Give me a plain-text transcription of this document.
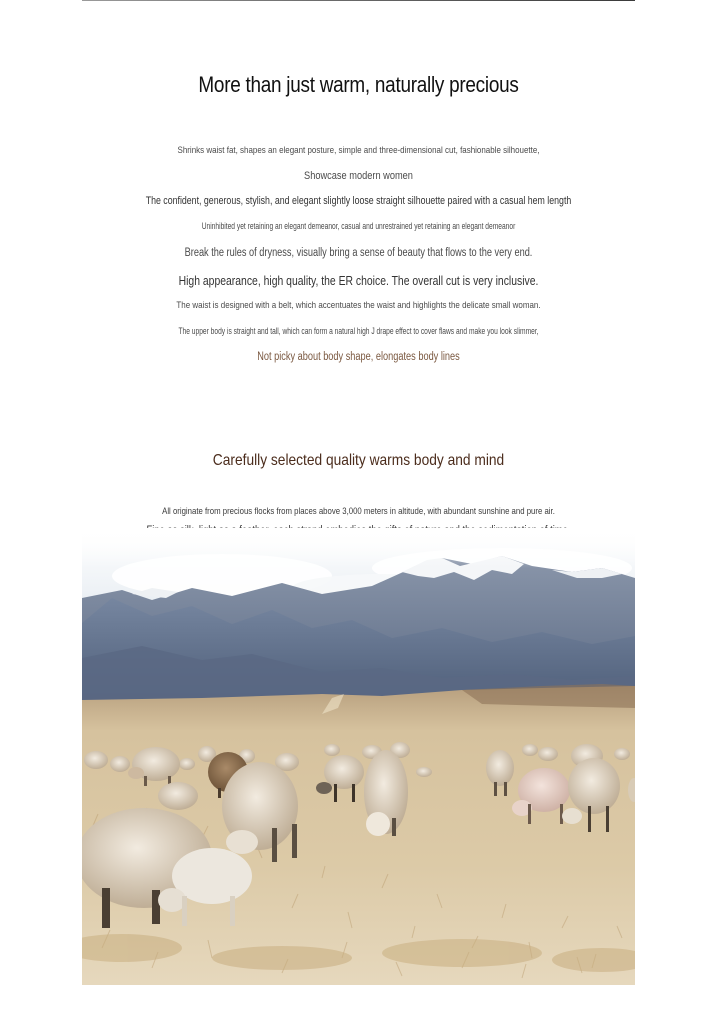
More than just warm, naturally precious
Shrinks waist fat, shapes an elegant posture, simple and three-dimensional cut, fashionable silhouette,
Showcase modern women
The confident, generous, stylish, and elegant slightly loose straight silhouette paired with a casual hem length
Uninhibited yet retaining an elegant demeanor, casual and unrestrained yet retaining an elegant demeanor
Break the rules of dryness, visually bring a sense of beauty that flows to the very end.
High appearance, high quality, the ER choice. The overall cut is very inclusive.
The waist is designed with a belt, which accentuates the waist and highlights the delicate small woman.
The upper body is straight and tall, which can form a natural high J drape effect to cover flaws and make you look slimmer,
Not picky about body shape, elongates body lines
Carefully selected quality warms body and mind
All originate from precious flocks from places above 3,000 meters in altitude, with abundant sunshine and pure air.
